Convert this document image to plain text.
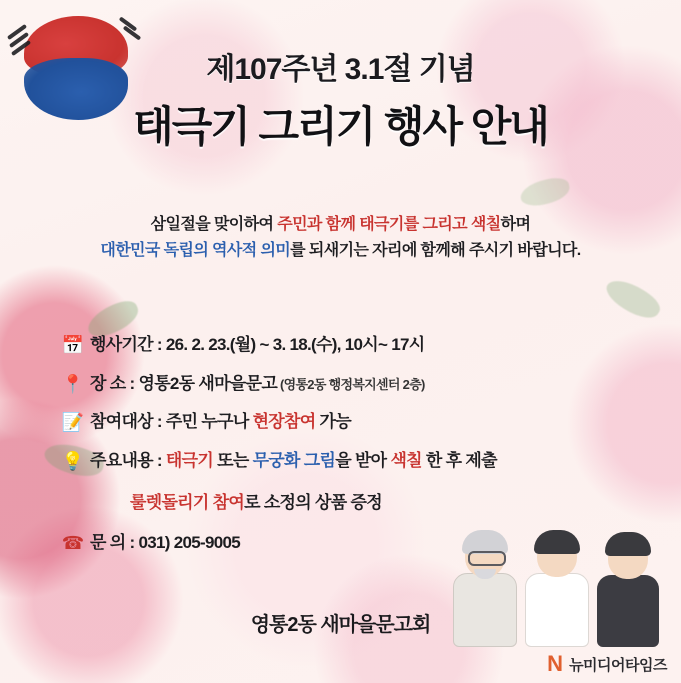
제107주년 3.1절 기념
태극기 그리기 행사 안내
삼일절을 맞이하여 주민과 함께 태극기를 그리고 색칠하며
대한민국 독립의 역사적 의미를 되새기는 자리에 함께해 주시기 바랍니다.
📅 행사기간 : 26. 2. 23.(월) ~ 3. 18.(수), 10시~ 17시
📍 장 소 : 영통2동 새마을문고 (영통2동 행정복지센터 2층)
📝 참여대상 : 주민 누구나 현장참여 가능
💡 주요내용 : 태극기 또는 무궁화 그림을 받아 색칠 한 후 제출
룰렛돌리기 참여로 소정의 상품 증정
☎ 문 의 : 031) 205-9005
영통2동 새마을문고회
N 뉴미디어타임즈
